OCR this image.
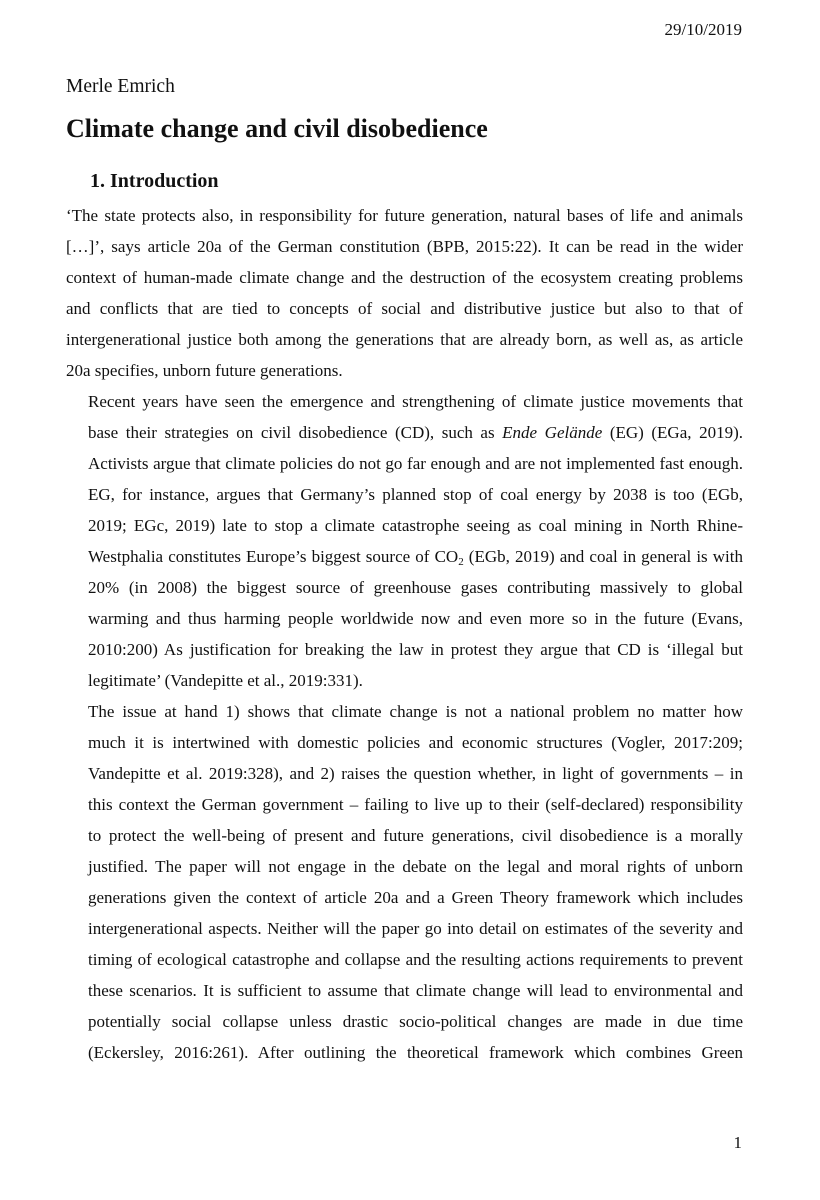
29/10/2019
Merle Emrich
Climate change and civil disobedience
1. Introduction

‘The state protects also, in responsibility for future generation, natural bases of life and animals
[…]’, says article 20a of the German constitution (BPB, 2015:22). It can be read in the wider
context of human-made climate change and the destruction of the ecosystem creating problems
and conflicts that are tied to concepts of social and distributive justice but also to that of
intergenerational justice both among the generations that are already born, as well as, as article
20a specifies, unborn future generations.

Recent years have seen the emergence and strengthening of climate justice movements that
base their strategies on civil disobedience (CD), such as Ende Gelände (EG) (EGa, 2019).
Activists argue that climate policies do not go far enough and are not implemented fast enough.
EG, for instance, argues that Germany’s planned stop of coal energy by 2038 is too (EGb,
2019; EGc, 2019) late to stop a climate catastrophe seeing as coal mining in North Rhine-
Westphalia constitutes Europe’s biggest source of $CO_2$ (EGb, 2019) and coal in general is with
20% (in 2008) the biggest source of greenhouse gases contributing massively to global
warming and thus harming people worldwide now and even more so in the future (Evans,
2010:200) As justification for breaking the law in protest they argue that CD is ‘illegal but
legitimate’ (Vandepitte et al., 2019:331).

The issue at hand 1) shows that climate change is not a national problem no matter how
much it is intertwined with domestic policies and economic structures (Vogler, 2017:209;
Vandepitte et al. 2019:328), and 2) raises the question whether, in light of governments – in
this context the German government – failing to live up to their (self-declared) responsibility
to protect the well-being of present and future generations, civil disobedience is a morally
justified. The paper will not engage in the debate on the legal and moral rights of unborn
generations given the context of article 20a and a Green Theory framework which includes
intergenerational aspects. Neither will the paper go into detail on estimates of the severity and
timing of ecological catastrophe and collapse and the resulting actions requirements to prevent
these scenarios. It is sufficient to assume that climate change will lead to environmental and
potentially social collapse unless drastic socio-political changes are made in due time
(Eckersley, 2016:261). After outlining the theoretical framework which combines Green

1
